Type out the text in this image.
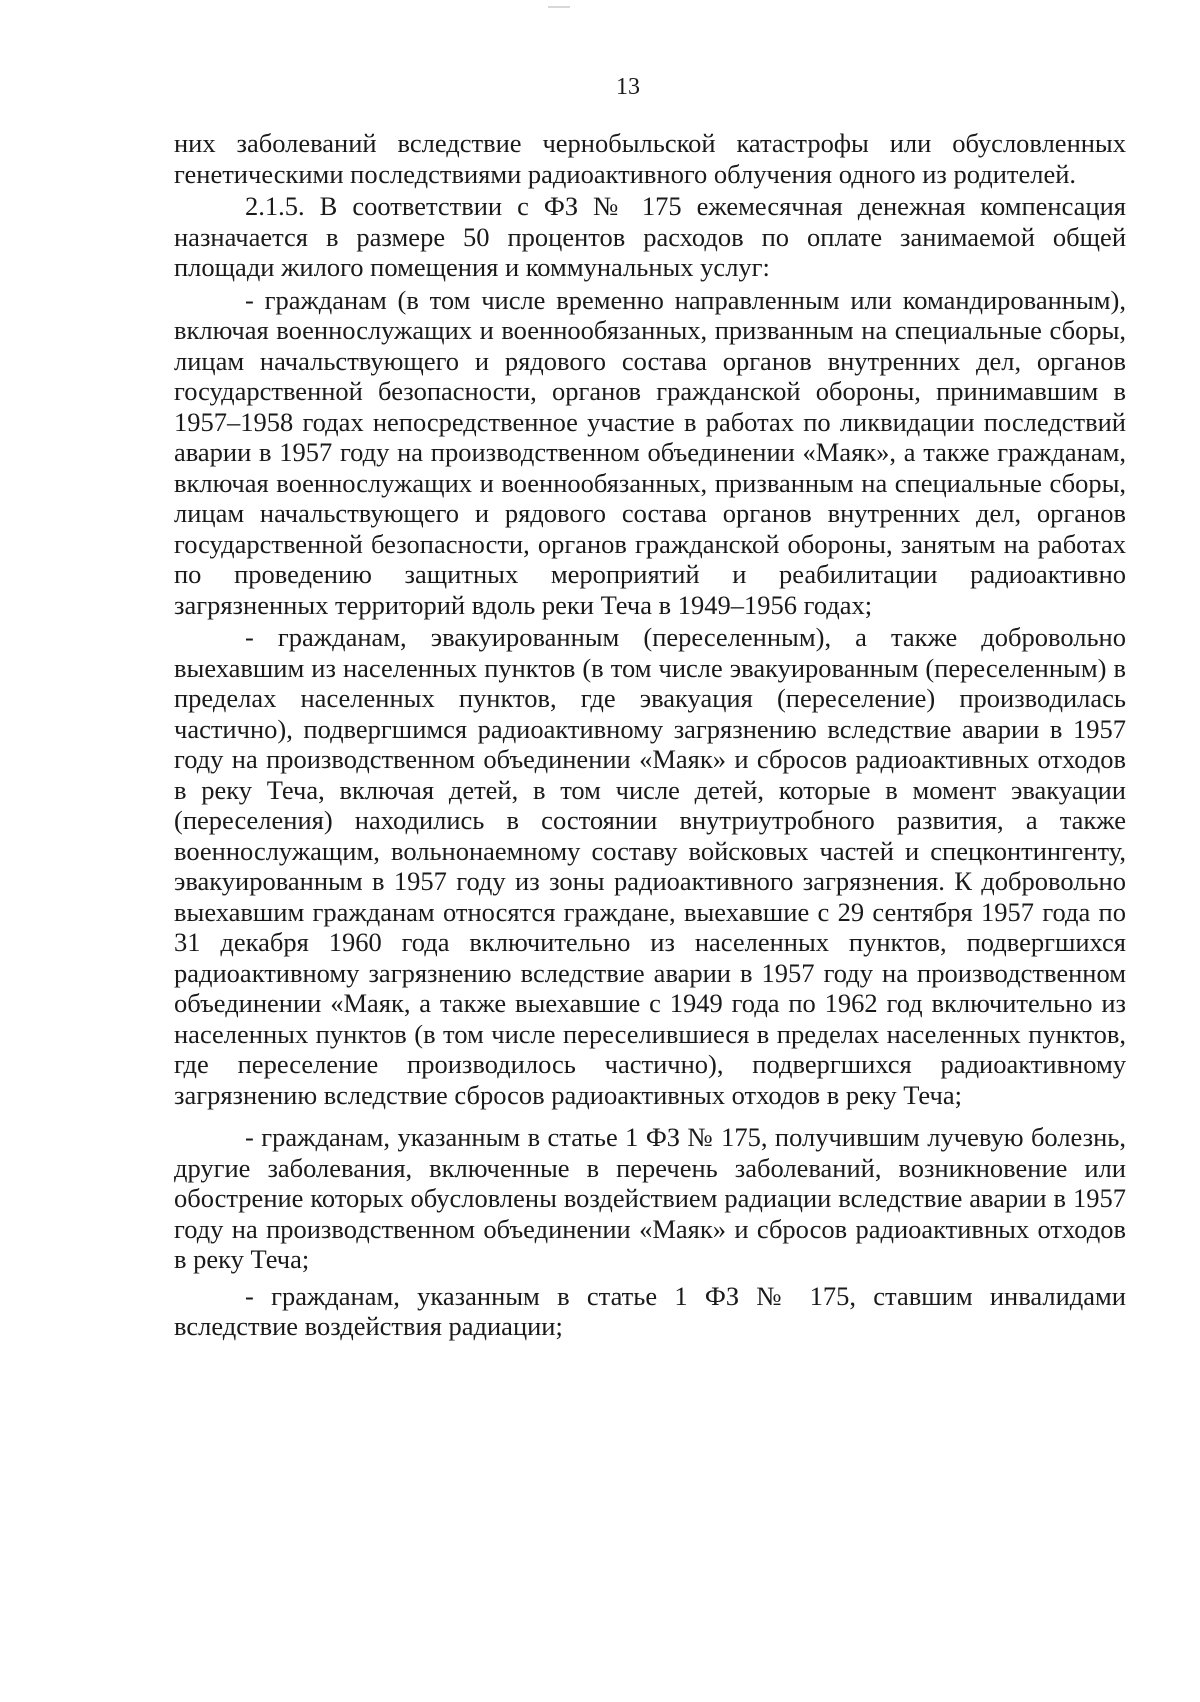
13

них заболеваний вследствие чернобыльской катастрофы или обусловленных генетическими последствиями радиоактивного облучения одного из родителей.

2.1.5. В соответствии с ФЗ № 175 ежемесячная денежная компенсация назначается в размере 50 процентов расходов по оплате занимаемой общей площади жилого помещения и коммунальных услуг:

- гражданам (в том числе временно направленным или командированным), включая военнослужащих и военнообязанных, призванным на специальные сборы, лицам начальствующего и рядового состава органов внутренних дел, органов государственной безопасности, органов гражданской обороны, принимавшим в 1957–1958 годах непосредственное участие в работах по ликвидации последствий аварии в 1957 году на производственном объединении «Маяк», а также гражданам, включая военнослужащих и военнообязанных, призванным на специальные сборы, лицам начальствующего и рядового состава органов внутренних дел, органов государственной безопасности, органов гражданской обороны, занятым на работах по проведению защитных мероприятий и реабилитации радиоактивно загрязненных территорий вдоль реки Теча в 1949–1956 годах;

- гражданам, эвакуированным (переселенным), а также добровольно выехавшим из населенных пунктов (в том числе эвакуированным (переселенным) в пределах населенных пунктов, где эвакуация (переселение) производилась частично), подвергшимся радиоактивному загрязнению вследствие аварии в 1957 году на производственном объединении «Маяк» и сбросов радиоактивных отходов в реку Теча, включая детей, в том числе детей, которые в момент эвакуации (переселения) находились в состоянии внутриутробного развития, а также военнослужащим, вольнонаемному составу войсковых частей и спецконтингенту, эвакуированным в 1957 году из зоны радиоактивного загрязнения. К добровольно выехавшим гражданам относятся граждане, выехавшие с 29 сентября 1957 года по 31 декабря 1960 года включительно из населенных пунктов, подвергшихся радиоактивному загрязнению вследствие аварии в 1957 году на производственном объединении «Маяк, а также выехавшие с 1949 года по 1962 год включительно из населенных пунктов (в том числе переселившиеся в пределах населенных пунктов, где переселение производилось частично), подвергшихся радиоактивному загрязнению вследствие сбросов радиоактивных отходов в реку Теча;

- гражданам, указанным в статье 1 ФЗ № 175, получившим лучевую болезнь, другие заболевания, включенные в перечень заболеваний, возникновение или обострение которых обусловлены воздействием радиации вследствие аварии в 1957 году на производственном объединении «Маяк» и сбросов радиоактивных отходов в реку Теча;

- гражданам, указанным в статье 1 ФЗ № 175, ставшим инвалидами вследствие воздействия радиации;
